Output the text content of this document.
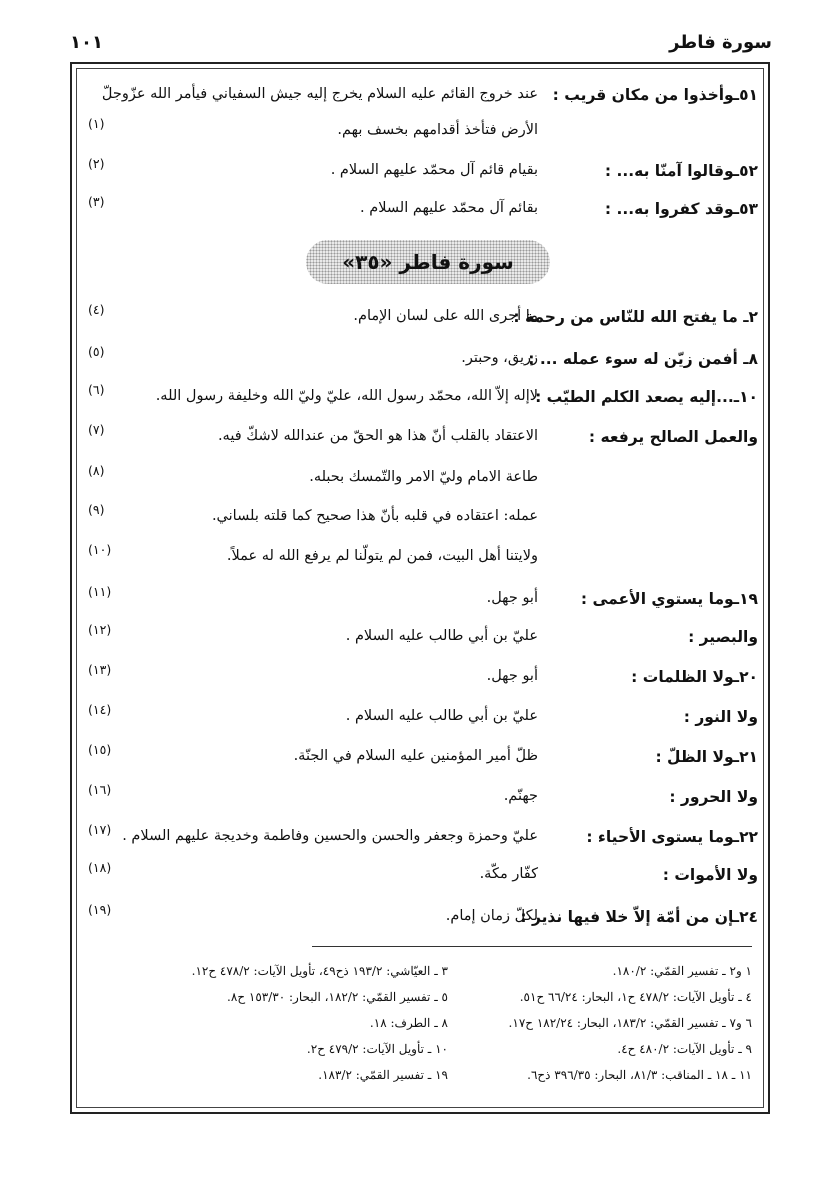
سورة فاطر
١٠١
٥١ـوأخذوا من مكان قريب :
عند خروج القائم عليه السلام يخرج إليه جيش السفياني فيأمر الله عزّوجلّ
الأرض فتأخذ أقدامهم بخسف بهم.
(١)
٥٢ـوقالوا آمنّا به... :
بقيام قائم آل محمّد عليهم السلام .
(٢)
٥٣ـوقد كفروا به... :
بقائم آل محمّد عليهم السلام .
(٣)
سورة فاطر «٣٥»
٢ـ ما يفتح الله للنّاس من رحمة :
ما أجرى الله على لسان الإمام.
(٤)
٨ـ أفمن زيّن له سوء عمله ... :
زريق، وحبتر.
(٥)
١٠ـ...إليه يصعد الكلم الطيّب :
لاإله إلاّ الله، محمّد رسول الله، عليّ وليّ الله وخليفة رسول الله.
(٦)
والعمل الصالح يرفعه :
الاعتقاد بالقلب أنّ هذا هو الحقّ من عندالله لاشكّ فيه.
(٧)
طاعة الامام وليّ الامر والتّمسك بحبله.
(٨)
عمله: اعتقاده في قلبه بأنّ هذا صحيح كما قلته بلساني.
(٩)
ولايتنا أهل البيت، فمن لم يتولّنا لم يرفع الله له عملاً.
(١٠)
١٩ـوما يستوي الأعمى :
أبو جهل.
(١١)
والبصير :
عليّ بن أبي طالب عليه السلام .
(١٢)
٢٠ـولا الظلمات :
أبو جهل.
(١٣)
ولا النور :
عليّ بن أبي طالب عليه السلام .
(١٤)
٢١ـولا الظلّ :
ظلّ أمير المؤمنين عليه السلام في الجنّة.
(١٥)
ولا الحرور :
جهنّم.
(١٦)
٢٢ـوما يستوى الأحياء :
عليّ وحمزة وجعفر والحسن والحسين وفاطمة وخديجة عليهم السلام .
(١٧)
ولا الأموات :
كفّار مكّة.
(١٨)
٢٤ـإن من أمّة إلاّ خلا فيها نذير :
لكلّ زمان إمام.
(١٩)
١ و٢ ـ تفسير القمّي: ١٨٠/٢.
٤ ـ تأويل الآيات: ٤٧٨/٢ ح١، البحار: ٦٦/٢٤ ح٥١.
٦ و٧ ـ تفسير القمّي: ١٨٣/٢، البحار: ١٨٢/٢٤ ح١٧.
٩ ـ تأويل الآيات: ٤٨٠/٢ ح٤.
١١ ـ ١٨ ـ المناقب: ٨١/٣، البحار: ٣٩٦/٣٥ ذح٦.
٣ ـ العيّاشي: ١٩٣/٢ ذح٤٩، تأويل الآيات: ٤٧٨/٢ ح١٢.
٥ ـ تفسير القمّي: ١٨٢/٢، البحار: ١٥٣/٣٠ ح٨.
٨ ـ الطرف: ١٨.
١٠ ـ تأويل الآيات: ٤٧٩/٢ ح٢.
١٩ ـ تفسير القمّي: ١٨٣/٢.
